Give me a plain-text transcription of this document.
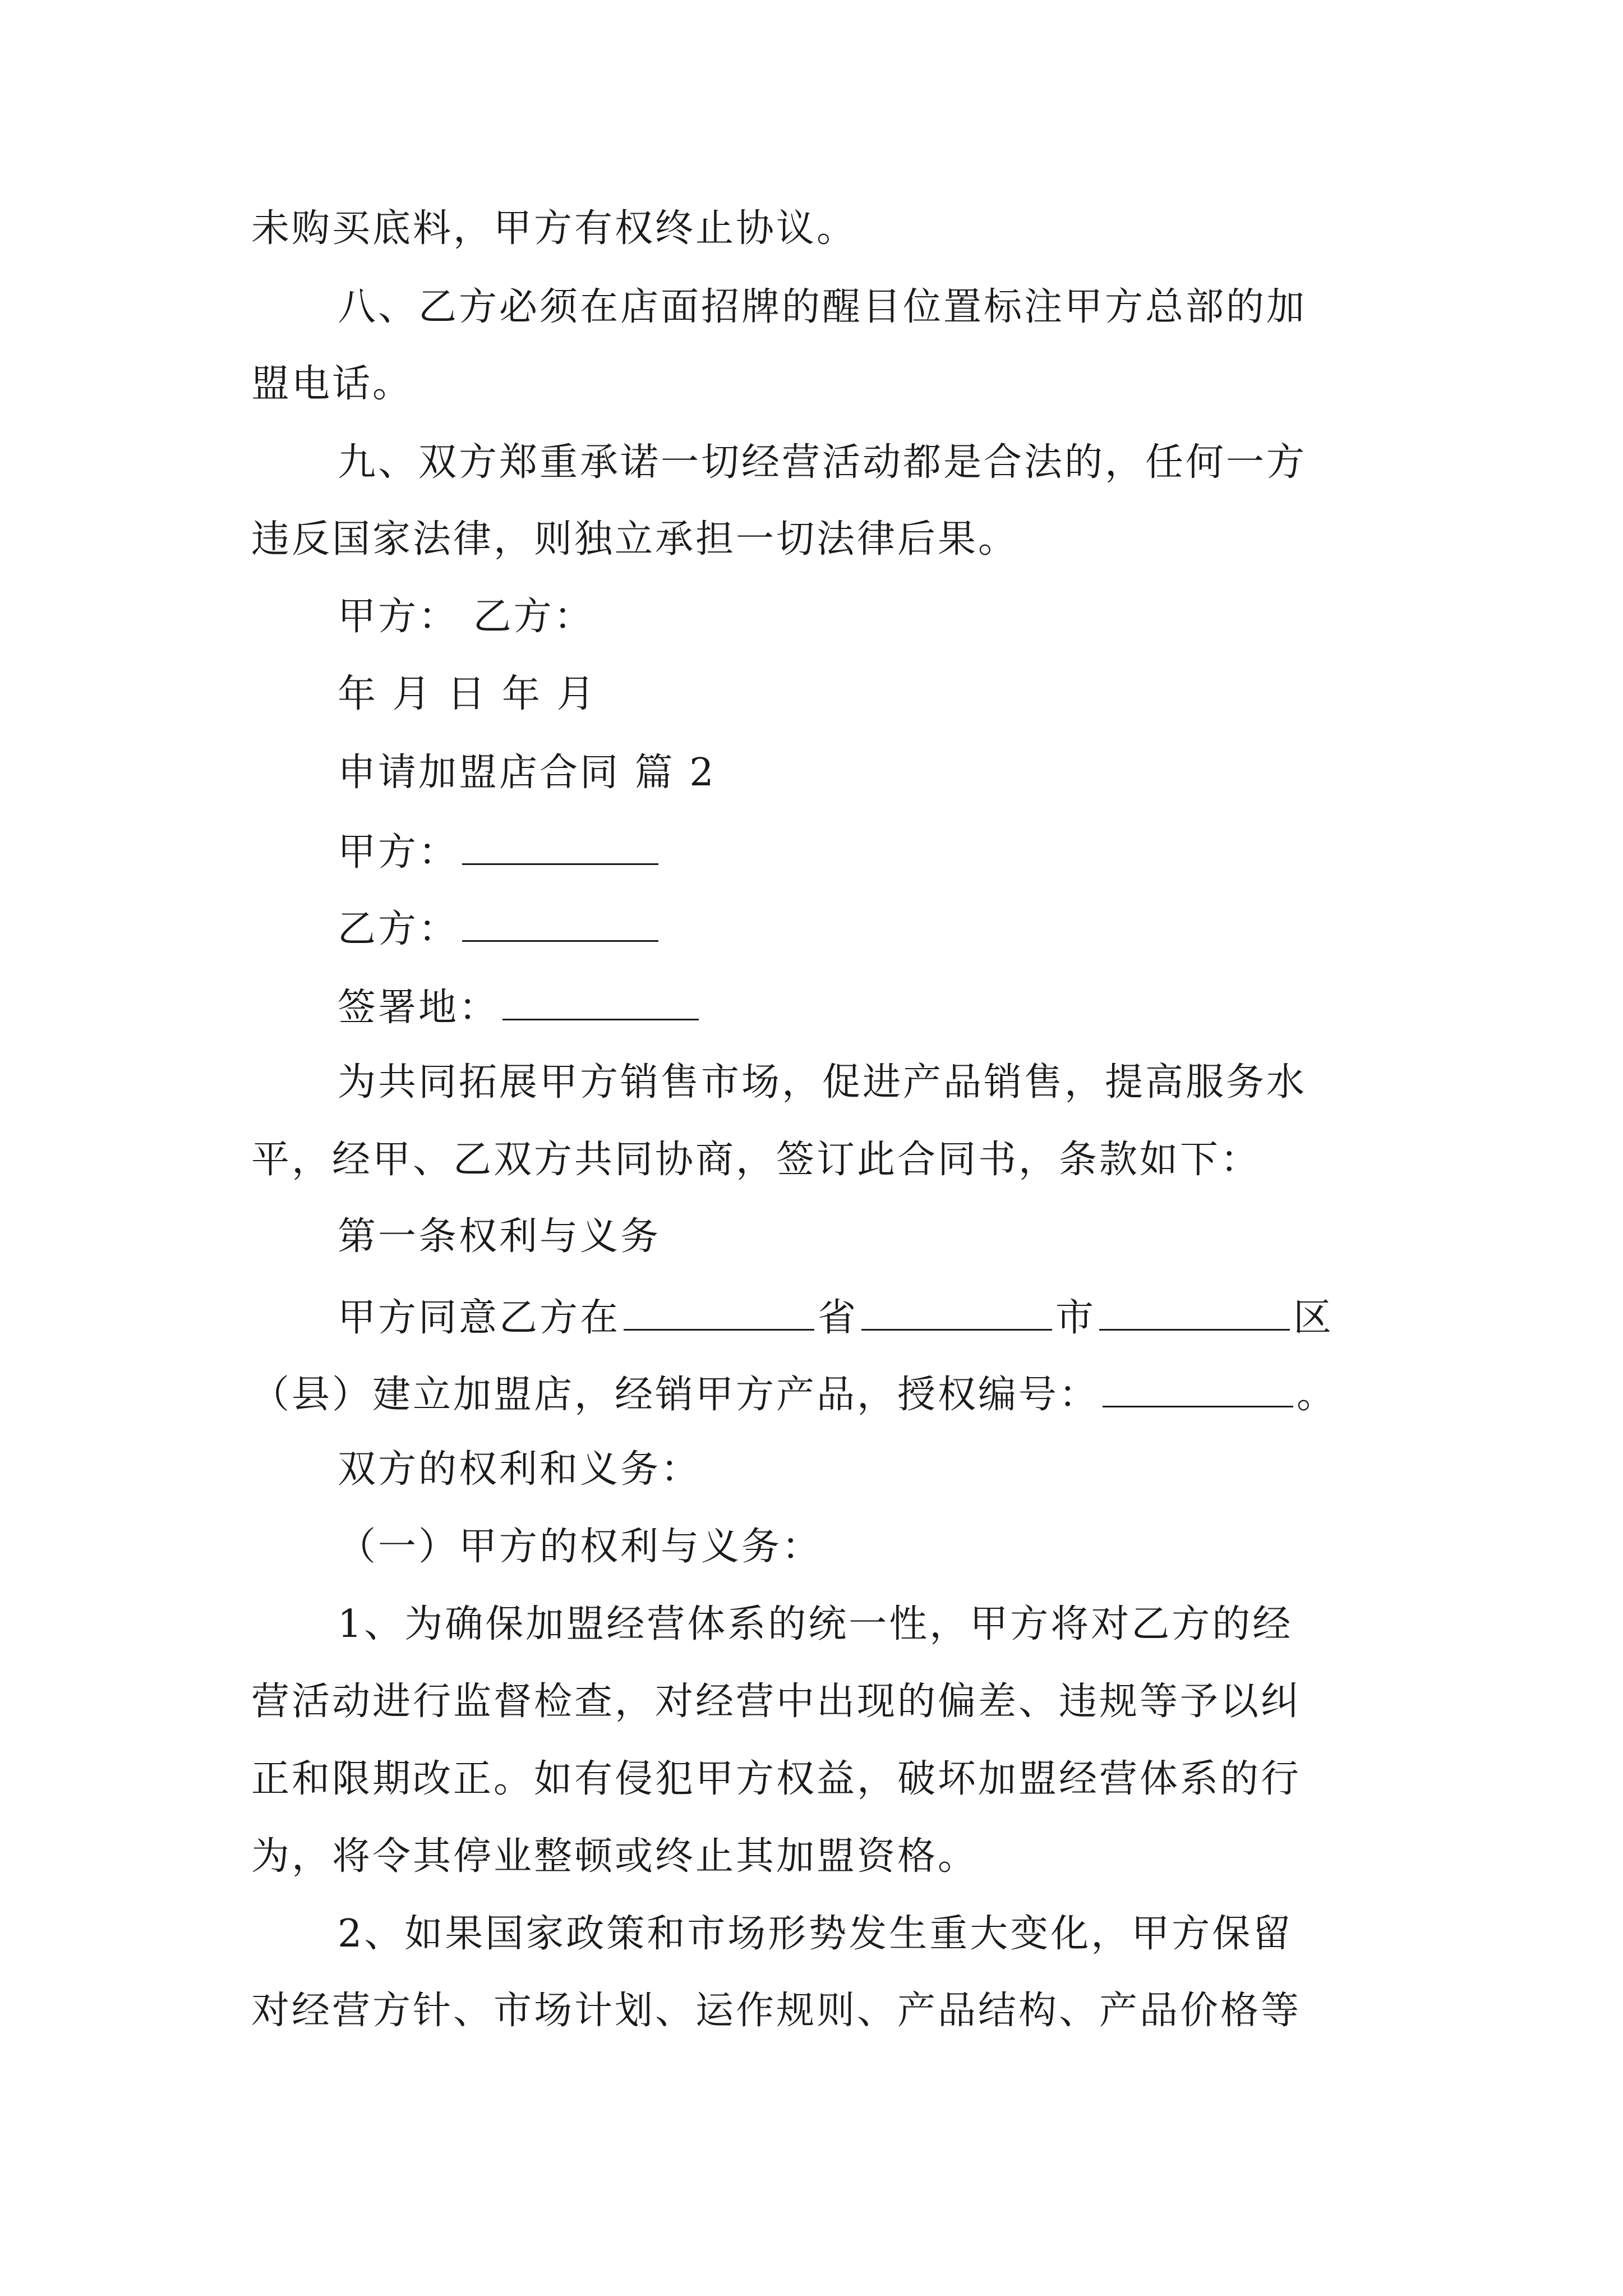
未购买底料，甲方有权终止协议。
八、乙方必须在店面招牌的醒目位置标注甲方总部的加
盟电话。
九、双方郑重承诺一切经营活动都是合法的，任何一方
违反国家法律，则独立承担一切法律后果。
甲方： 乙方：
年 月 日 年 月
申请加盟店合同 篇 2
甲方：
乙方：
签署地：
为共同拓展甲方销售市场，促进产品销售，提高服务水
平，经甲、乙双方共同协商，签订此合同书，条款如下：
第一条权利与义务
甲方同意乙方在	省	市	区
（县）建立加盟店，经销甲方产品，授权编号：	。
双方的权利和义务：
（一）甲方的权利与义务：
1、为确保加盟经营体系的统一性，甲方将对乙方的经
营活动进行监督检查，对经营中出现的偏差、违规等予以纠
正和限期改正。如有侵犯甲方权益，破坏加盟经营体系的行
为，将令其停业整顿或终止其加盟资格。
2、如果国家政策和市场形势发生重大变化，甲方保留
对经营方针、市场计划、运作规则、产品结构、产品价格等
